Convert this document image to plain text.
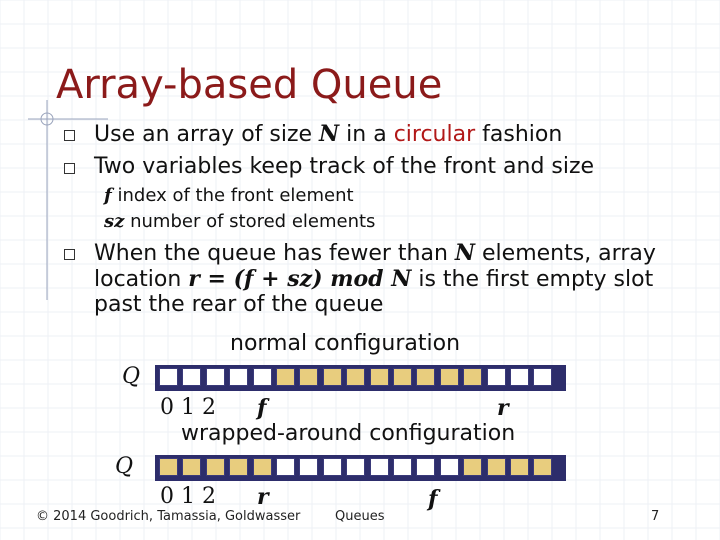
Array-based Queue
Use an array of size N in a circular fashion
Two variables keep track of the front and size
f index of the front element
sz number of stored elements
When the queue has fewer than N elements, array
location r = (f + sz) mod N is the first empty slot
past the rear of the queue
normal configuration
Q
0 1 2 f	r
wrapped-around configuration
Q
0 1 2 r	f
© 2014 Goodrich, Tamassia, Goldwasser	Queues	7
